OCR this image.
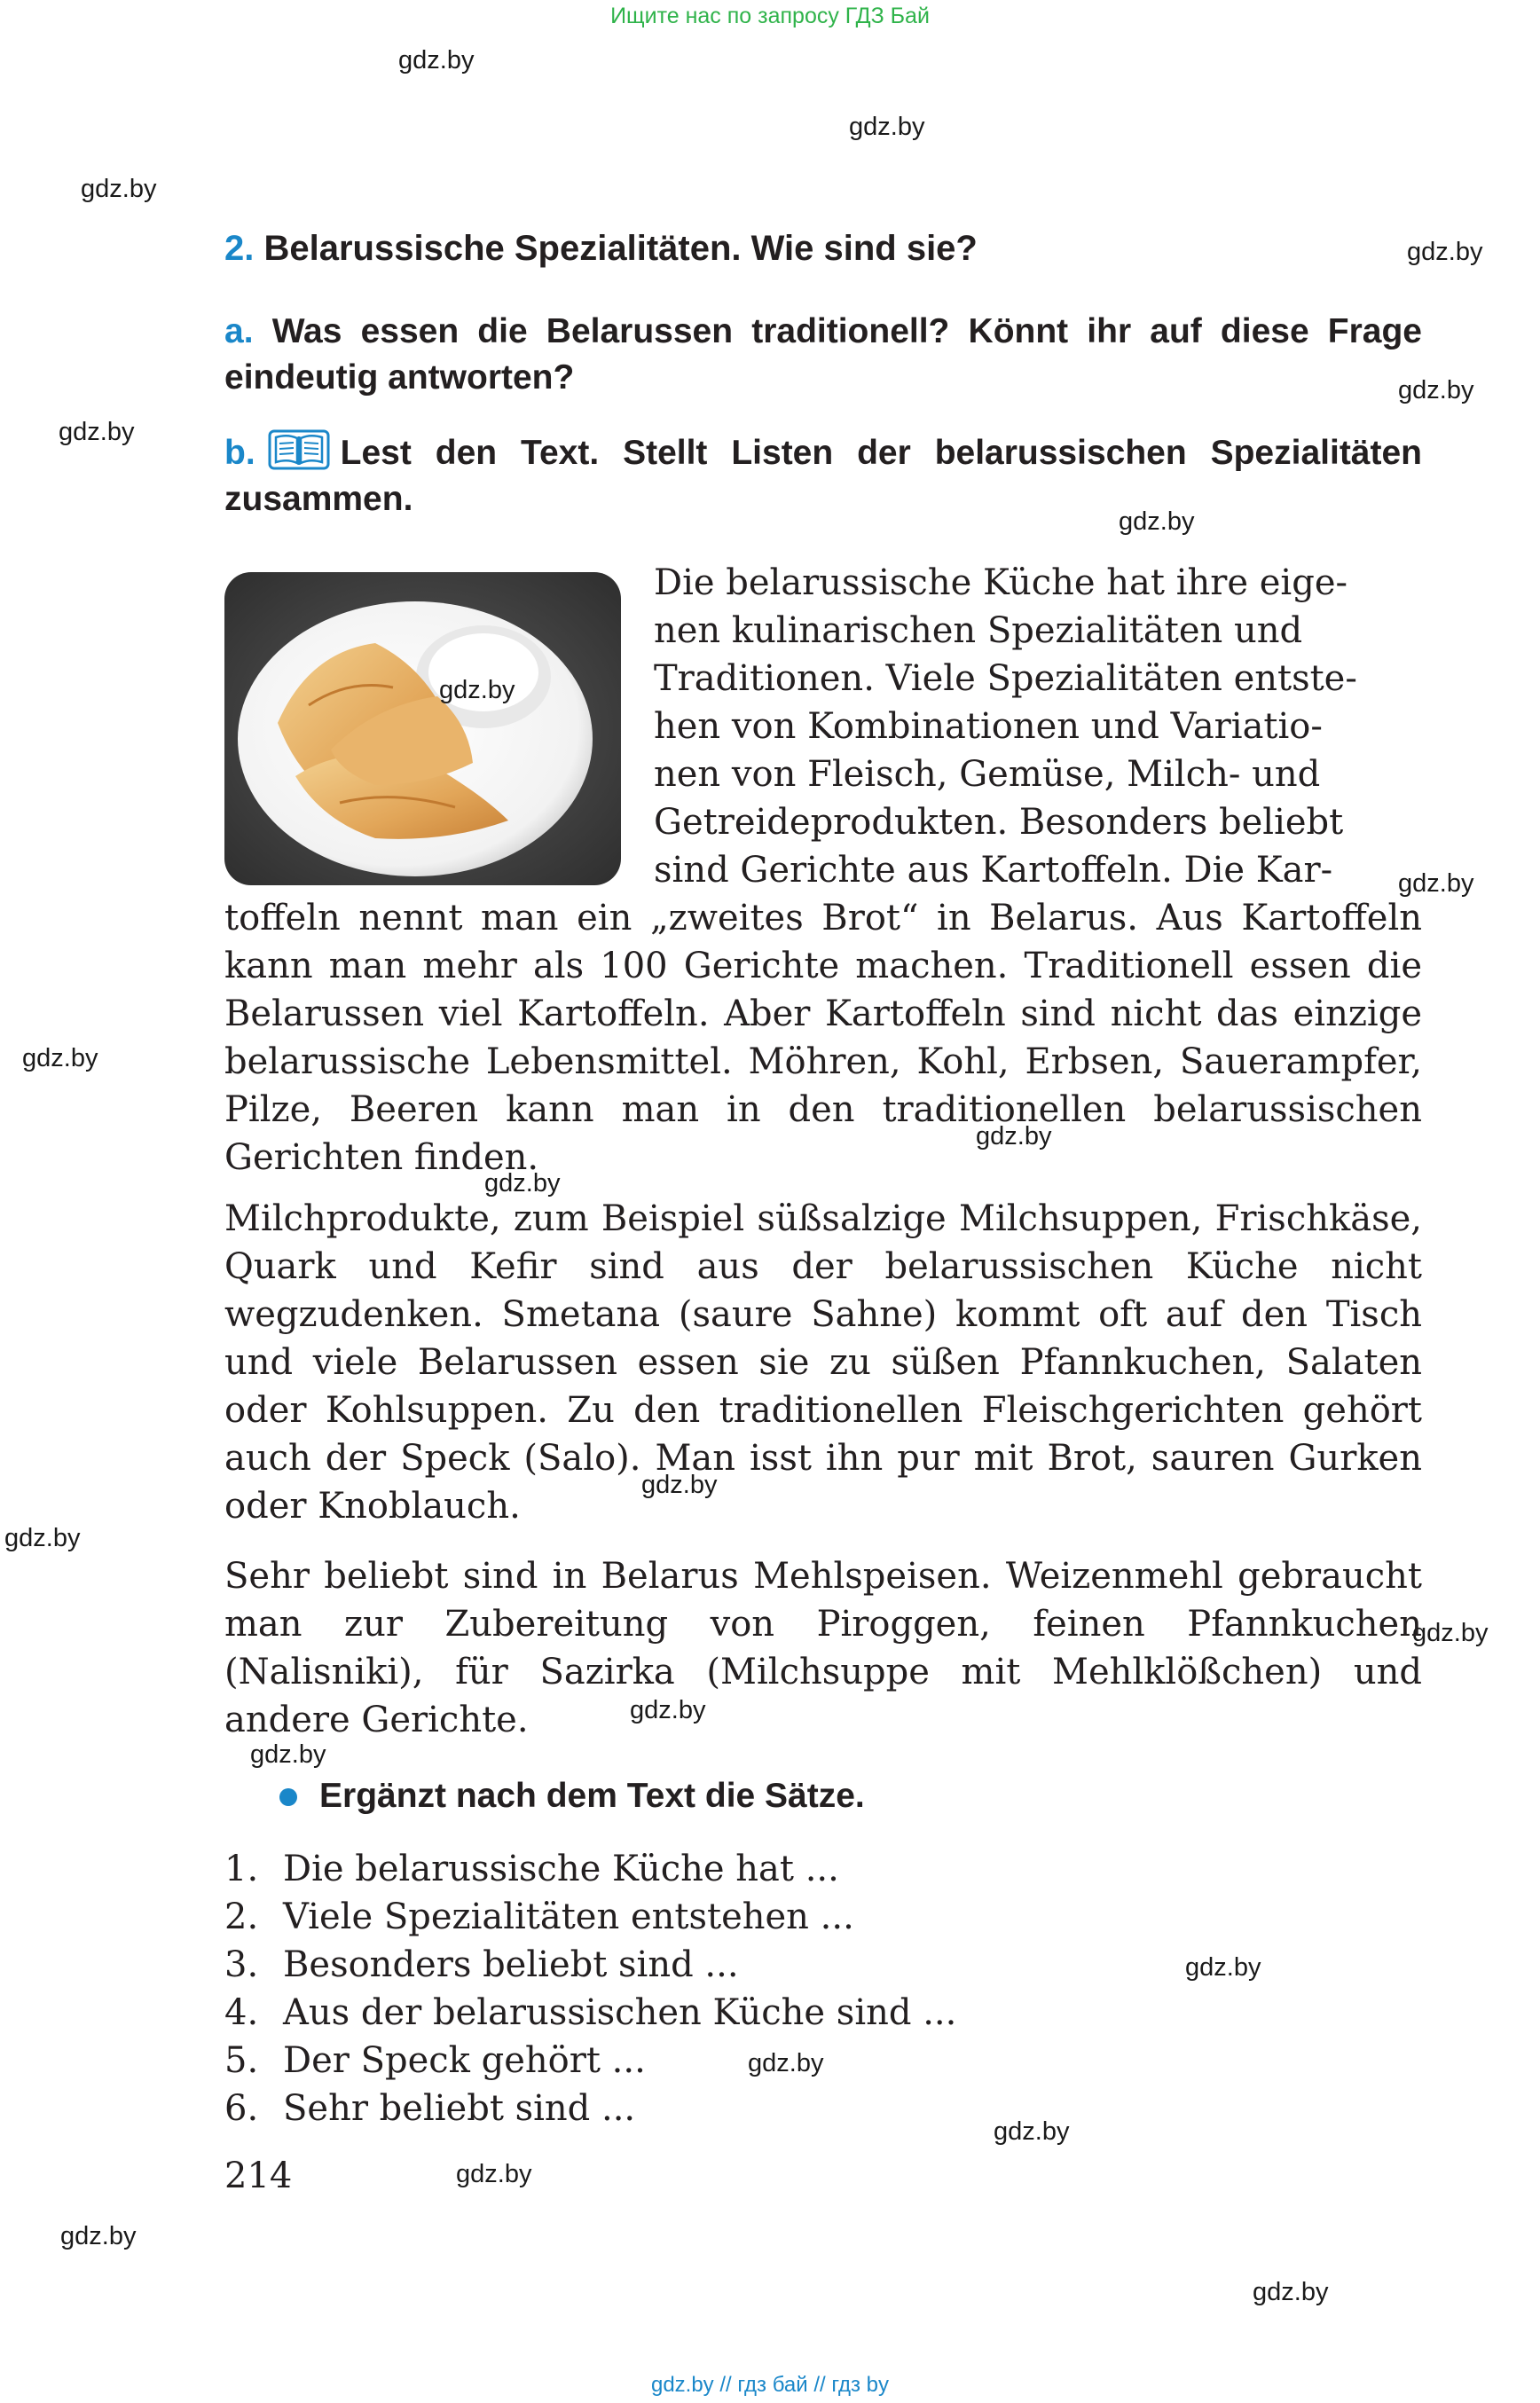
Ищите нас по запросу ГДЗ Бай
gdz.by
gdz.by
gdz.by
gdz.by
gdz.by
gdz.by
gdz.by
gdz.by
gdz.by
gdz.by
gdz.by
gdz.by
gdz.by
gdz.by
gdz.by
gdz.by
gdz.by
gdz.by
gdz.by
gdz.by
gdz.by
gdz.by
2. Belarussische Spezialitäten. Wie sind sie?
a. Was essen die Belarussen traditionell? Könnt ihr auf diese Frage eindeutig antworten?
b. Lest den Text. Stellt Listen der belarussischen Spezialitäten zusammen.
gdz.by
Die belarussische Küche hat ihre eige-
nen kulinarischen Spezialitäten und
Traditionen. Viele Spezialitäten entste-
hen von Kombinationen und Variatio-
nen von Fleisch, Gemüse, Milch- und
Getreideprodukten. Besonders beliebt
sind Gerichte aus Kartoffeln. Die Kar-
toffeln nennt man ein „zweites Brot“ in Belarus. Aus Kartoffeln kann man mehr als 100 Gerichte machen. Traditionell essen die Belarussen viel Kartoffeln. Aber Kartoffeln sind nicht das einzige belarussische Lebensmittel. Möhren, Kohl, Erbsen, Sauerampfer, Pilze, Beeren kann man in den traditionellen belarussischen Gerichten finden.
Milchprodukte, zum Beispiel süßsalzige Milchsuppen, Frischkäse, Quark und Kefir sind aus der belarussischen Küche nicht wegzudenken. Smetana (saure Sahne) kommt oft auf den Tisch und viele Belarussen essen sie zu süßen Pfannkuchen, Salaten oder Kohlsuppen. Zu den traditionellen Fleischgerichten gehört auch der Speck (Salo). Man isst ihn pur mit Brot, sauren Gurken oder Knoblauch.
Sehr beliebt sind in Belarus Mehlspeisen. Weizenmehl gebraucht man zur Zubereitung von Piroggen, feinen Pfannkuchen (Nalisniki), für Sazirka (Milchsuppe mit Mehlklößchen) und andere Gerichte.
Ergänzt nach dem Text die Sätze.
1. Die belarussische Küche hat ...
2. Viele Spezialitäten entstehen ...
3. Besonders beliebt sind ...
4. Aus der belarussischen Küche sind ...
5. Der Speck gehört ...
6. Sehr beliebt sind ...
214
gdz.by // гдз бай // гдз by
